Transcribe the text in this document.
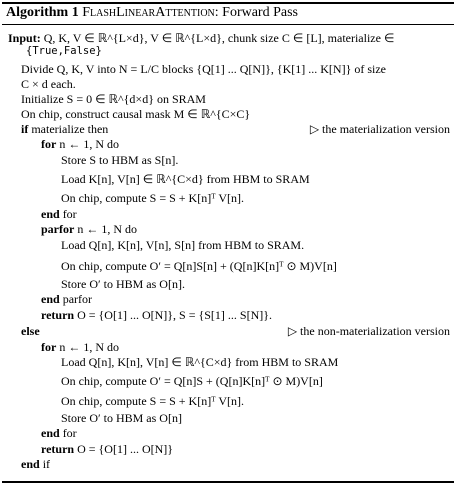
Algorithm 1 FlashLinearAttention: Forward Pass
Input: Q, K, V ∈ ℝ^{L×d}, V ∈ ℝ^{L×d}, chunk size C ∈ [L], materialize ∈
{True,False}
Divide Q, K, V into N = L/C blocks {Q[1] ... Q[N]}, {K[1] ... K[N]} of size
C × d each.
Initialize S = 0 ∈ ℝ^{d×d} on SRAM
On chip, construct causal mask M ∈ ℝ^{C×C}
if materialize then
for n ← 1, N do
Store S to HBM as S[n].
Load K[n], V[n] ∈ ℝ^{C×d} from HBM to SRAM
On chip, compute S = S + K[n]ᵀ V[n].
end for
parfor n ← 1, N do
Load Q[n], K[n], V[n], S[n] from HBM to SRAM.
On chip, compute O′ = Q[n]S[n] + (Q[n]K[n]ᵀ ⊙ M)V[n]
Store O′ to HBM as O[n].
end parfor
return O = {O[1] ... O[N]}, S = {S[1] ... S[N]}.
else
for n ← 1, N do
Load Q[n], K[n], V[n] ∈ ℝ^{C×d} from HBM to SRAM
On chip, compute O′ = Q[n]S + (Q[n]K[n]ᵀ ⊙ M)V[n]
On chip, compute S = S + K[n]ᵀ V[n].
Store O′ to HBM as O[n]
end for
return O = {O[1] ... O[N]}
end if
▷ the materialization version
▷ the non-materialization version
